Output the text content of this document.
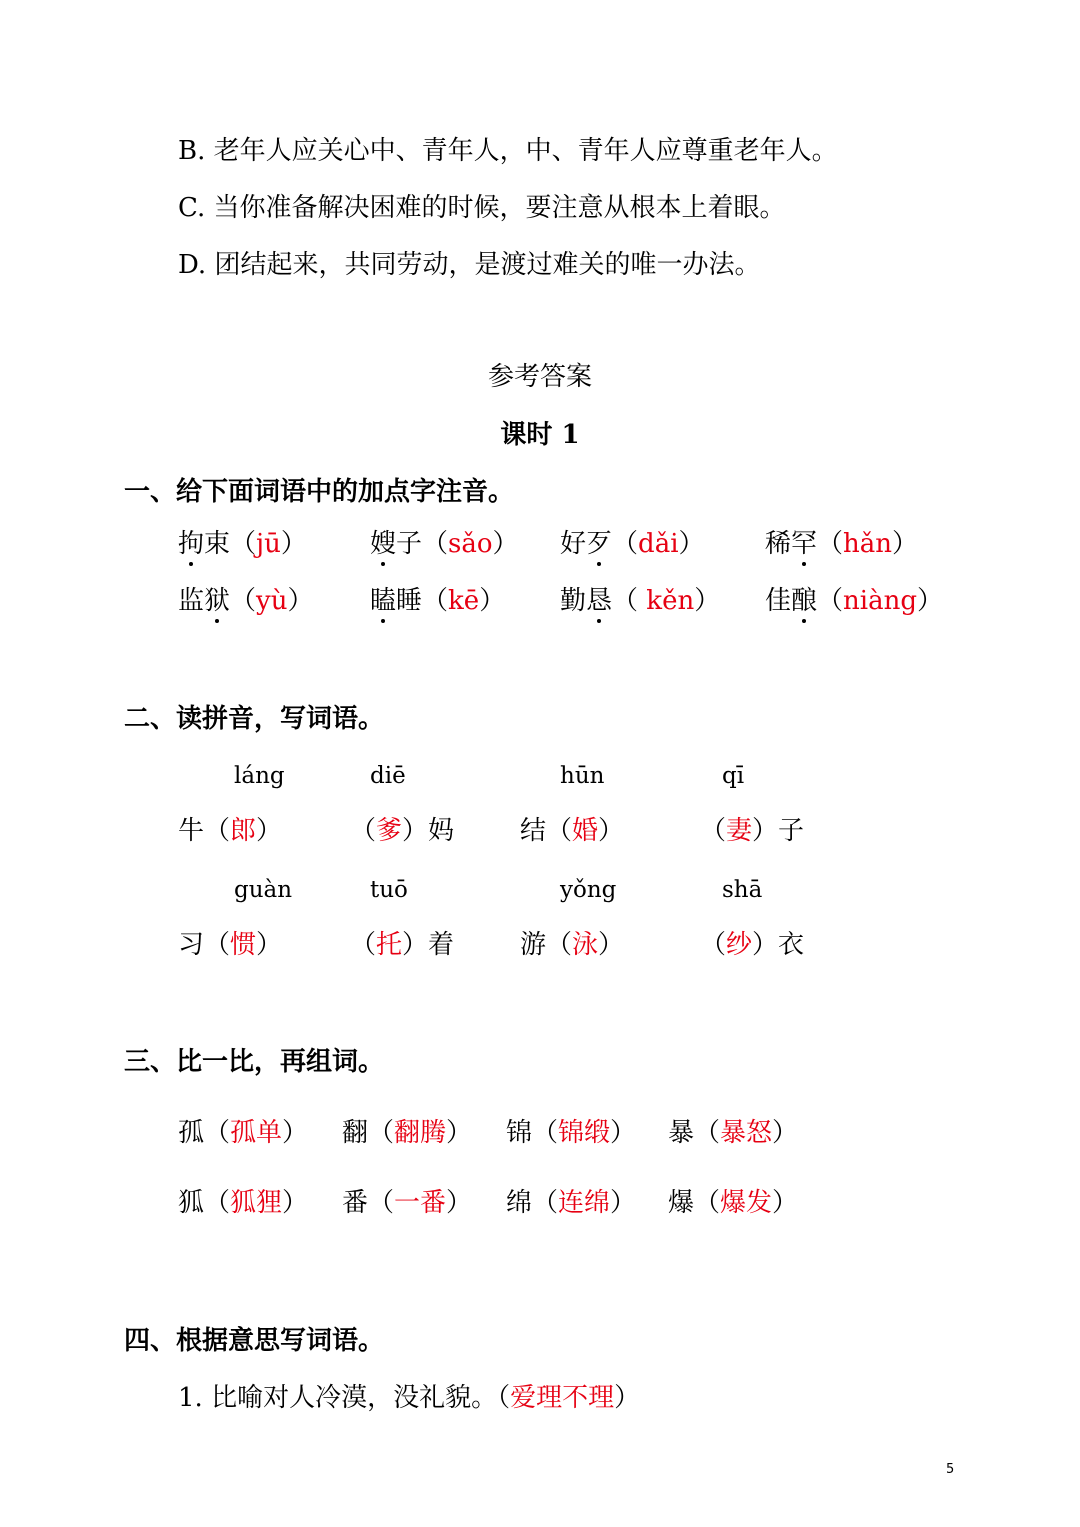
B. 老年人应关心中、青年人，中、青年人应尊重老年人。
C. 当你准备解决困难的时候，要注意从根本上着眼。
D. 团结起来，共同劳动，是渡过难关的唯一办法。
参考答案
课时 1
一、给下面词语中的加点字注音。
拘束（jū） 嫂子（sǎo） 好歹（dǎi） 稀罕（hǎn）
监狱（yù） 瞌睡（kē） 勤恳（ kěn） 佳酿（niàng）
二、读拼音，写词语。
láng	diē	hūn	qī
guàn	tuō	yǒng	shā
牛（郎）	（爹）妈	结（婚）	（妻）子
习（惯）	（托）着	游（泳）	（纱）衣
三、比一比，再组词。
孤（孤单） 翻（翻腾） 锦（锦缎） 暴（暴怒）
狐（狐狸） 番（一番） 绵（连绵） 爆（爆发）
四、根据意思写词语。
1. 比喻对人冷漠，没礼貌。（爱理不理）
5
